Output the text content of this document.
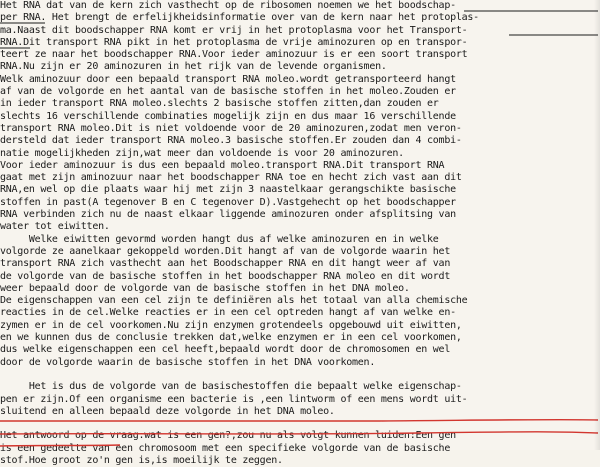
Het RNA dat van de kern zich vasthecht op de ribosomen noemen we het boodschap-
per RNA. Het brengt de erfelijkheidsinformatie over van de kern naar het protoplas-
ma.Naast dit boodschapper RNA komt er vrij in het protoplasma voor het Transport-
RNA.Dit transport RNA pikt in het protoplasma de vrije aminozuren op en transpor-
teert ze naar het boodschapper RNA.Voor ieder aminozuur is er een soort transport
RNA.Nu zijn er 20 aminozuren in het rijk van de levende organismen.
Welk aminozuur door een bepaald transport RNA moleo.wordt getransporteerd hangt
af van de volgorde en het aantal van de basische stoffen in het moleo.Zouden er
in ieder transport RNA moleo.slechts 2 basische stoffen zitten,dan zouden er
slechts 16 verschillende combinaties mogelijk zijn en dus maar 16 verschillende
transport RNA moleo.Dit is niet voldoende voor de 20 aminozuren,zodat men veron-
dersteld dat ieder transport RNA moleo.3 basische stoffen.Er zouden dan 4 combi-
natie mogelijkheden zijn,wat meer dan voldoende is voor 20 aminozuren.
Voor ieder aminozuur is dus een bepaald moleo.transport RNA.Dit transport RNA
gaat met zijn aminozuur naar het boodschapper RNA toe en hecht zich vast aan dit
RNA,en wel op die plaats waar hij met zijn 3 naastelkaar gerangschikte basische
stoffen in past(A tegenover B en C tegenover D).Vastgehecht op het boodschapper
RNA verbinden zich nu de naast elkaar liggende aminozuren onder afsplitsing van
water tot eiwitten.
Welke eiwitten gevormd worden hangt dus af welke aminozuren en in welke
volgorde ze aanelkaar gekoppeld worden.Dit hangt af van de volgorde waarin het
transport RNA zich vasthecht aan het Boodschapper RNA en dit hangt weer af van
de volgorde van de basische stoffen in het boodschapper RNA moleo en dit wordt
weer bepaald door de volgorde van de basische stoffen in het DNA moleo.
De eigenschappen van een cel zijn te definiëren als het totaal van alla chemische
reacties in de cel.Welke reacties er in een cel optreden hangt af van welke en-
zymen er in de cel voorkomen.Nu zijn enzymen grotendeels opgebouwd uit eiwitten,
en we kunnen dus de conclusie trekken dat,welke enzymen er in een cel voorkomen,
dus welke eigenschappen een cel heeft,bepaald wordt door de chromosomen en wel
door de volgorde waarin de basische stoffen in het DNA voorkomen.
Het is dus de volgorde van de basischestoffen die bepaalt welke eigenschap-
pen er zijn.Of een organisme een bacterie is ,een lintworm of een mens wordt uit-
sluitend en alleen bepaald deze volgorde in het DNA moleo.
Het antwoord op de vraag:wat is een gen?,zou nu als volgt kunnen luiden:Een gen
is een gedeelte van een chromosoom met een specifieke volgorde van de basische
stof.Hoe groot zo'n gen is,is moeilijk te zeggen.
